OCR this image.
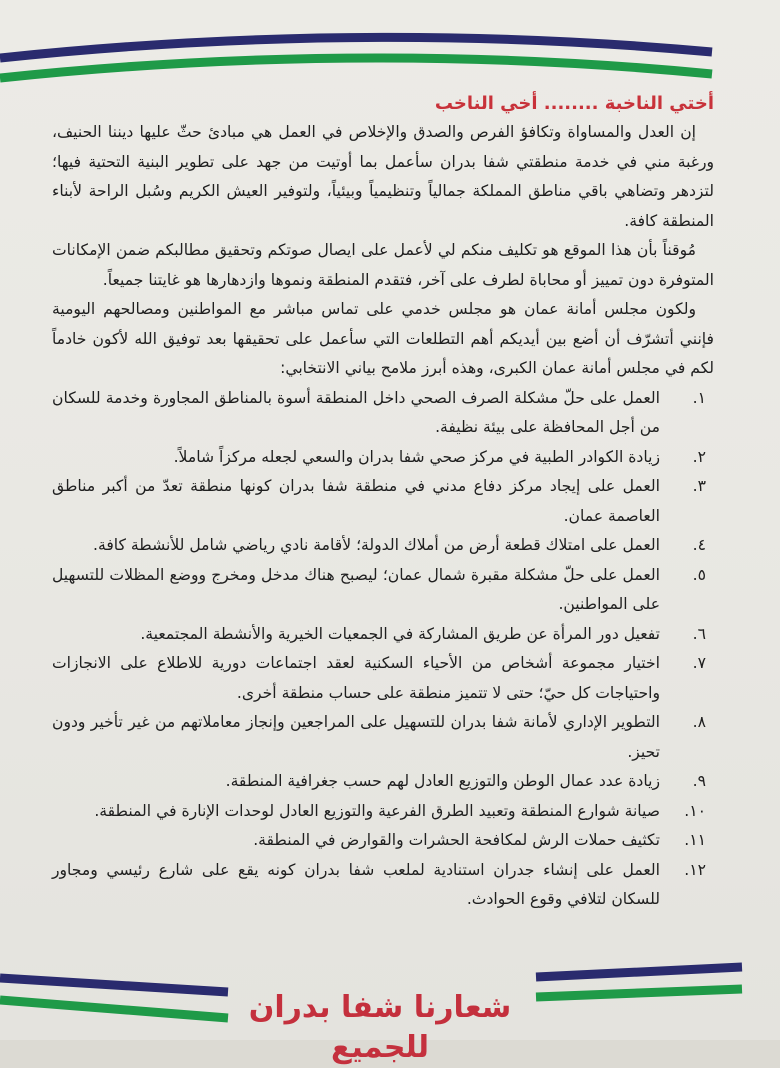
أختي الناخبة ........ أخي الناخب

إن العدل والمساواة وتكافؤ الفرص والصدق والإخلاص في العمل هي مبادئ حثّ عليها ديننا الحنيف، ورغبة مني في خدمة منطقتي شفا بدران سأعمل بما أوتيت من جهد على تطوير البنية التحتية فيها؛ لتزدهر وتضاهي باقي مناطق المملكة جمالياً وتنظيمياً وبيئياً، ولتوفير العيش الكريم وسُبل الراحة لأبناء المنطقة كافة.

مُوقناً بأن هذا الموقع هو تكليف منكم لي لأعمل على ايصال صوتكم وتحقيق مطالبكم ضمن الإمكانات المتوفرة دون تمييز أو محاباة لطرف على آخر، فتقدم المنطقة ونموها وازدهارها هو غايتنا جميعاً.

ولكون مجلس أمانة عمان هو مجلس خدمي على تماس مباشر مع المواطنين ومصالحهم اليومية فإنني أتشرّف أن أضع بين أيديكم أهم التطلعات التي سأعمل على تحقيقها بعد توفيق الله لأكون خادماً لكم في مجلس أمانة عمان الكبرى، وهذه أبرز ملامح بياني الانتخابي:

١.
العمل على حلّ مشكلة الصرف الصحي داخل المنطقة أسوة بالمناطق المجاورة وخدمة للسكان من أجل المحافظة على بيئة نظيفة.
٢.
زيادة الكوادر الطبية في مركز صحي شفا بدران والسعي لجعله مركزاً شاملاً.
٣.
العمل على إيجاد مركز دفاع مدني في منطقة شفا بدران كونها منطقة تعدّ من أكبر مناطق العاصمة عمان.
٤.
العمل على امتلاك قطعة أرض من أملاك الدولة؛ لأقامة نادي رياضي شامل للأنشطة كافة.
٥.
العمل على حلّ مشكلة مقبرة شمال عمان؛ ليصبح هناك مدخل ومخرج ووضع المظلات للتسهيل على المواطنين.
٦.
تفعيل دور المرأة عن طريق المشاركة في الجمعيات الخيرية والأنشطة المجتمعية.
٧.
اختيار مجموعة أشخاص من الأحياء السكنية لعقد اجتماعات دورية للاطلاع على الانجازات واحتياجات كل حيّ؛ حتى لا تتميز منطقة على حساب منطقة أخرى.
٨.
التطوير الإداري لأمانة شفا بدران للتسهيل على المراجعين وإنجاز معاملاتهم من غير تأخير ودون تحيز.
٩.
زيادة عدد عمال الوطن والتوزيع العادل لهم حسب جغرافية المنطقة.
١٠.
صيانة شوارع المنطقة وتعبيد الطرق الفرعية والتوزيع العادل لوحدات الإنارة في المنطقة.
١١.
تكثيف حملات الرش لمكافحة الحشرات والقوارض في المنطقة.
١٢.
العمل على إنشاء جدران استنادية لملعب شفا بدران كونه يقع على شارع رئيسي ومجاور للسكان لتلافي وقوع الحوادث.
شعارنا شفا بدران للجميع
